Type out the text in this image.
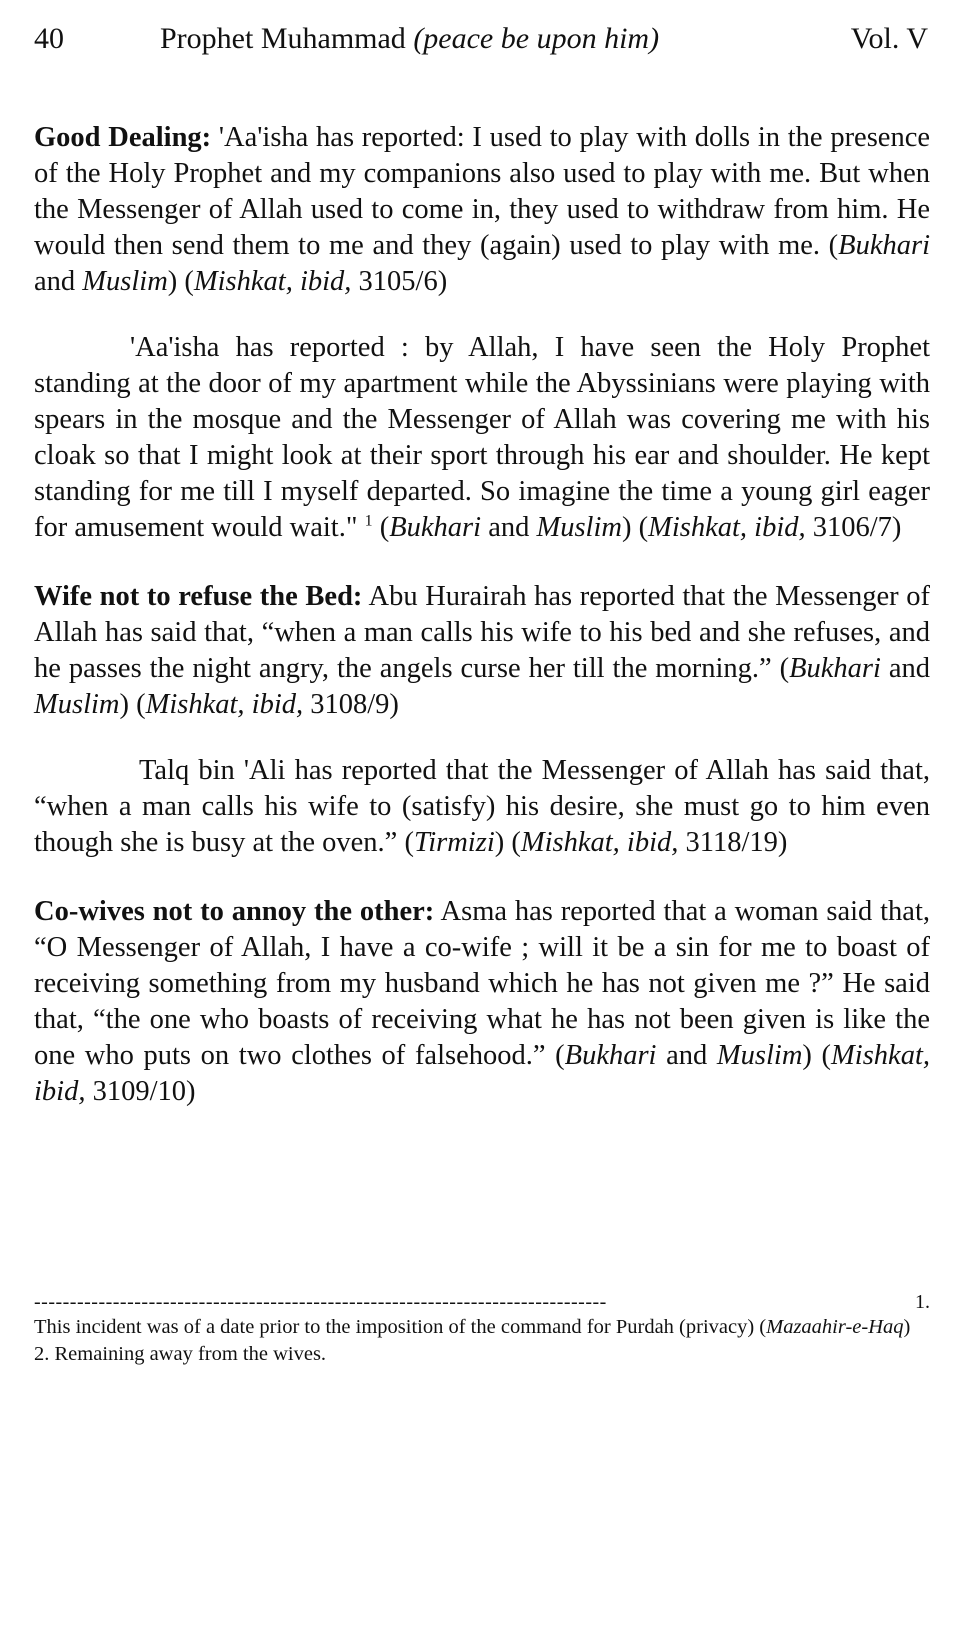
40	Prophet Muhammad (peace be upon him)	Vol. V

Good Dealing: 'Aa'isha has reported: I used to play with dolls in the presence of the Holy Prophet and my companions also used to play with me. But when the Messenger of Allah used to come in, they used to withdraw from him. He would then send them to me and they (again) used to play with me. (Bukhari and Muslim) (Mishkat, ibid, 3105/6)

'Aa'isha has reported : by Allah, I have seen the Holy Prophet standing at the door of my apartment while the Abyssinians were playing with spears in the mosque and the Messenger of Allah was covering me with his cloak so that I might look at their sport through his ear and shoulder. He kept standing for me till I myself departed. So imagine the time a young girl eager for amusement would wait." $^1$ (Bukhari and Muslim) (Mishkat, ibid, 3106/7)

Wife not to refuse the Bed: Abu Hurairah has reported that the Messenger of Allah has said that, “when a man calls his wife to his bed and she refuses, and he passes the night angry, the angels curse her till the morning.” (Bukhari and Muslim) (Mishkat, ibid, 3108/9)

Talq bin 'Ali has reported that the Messenger of Allah has said that, “when a man calls his wife to (satisfy) his desire, she must go to him even though she is busy at the oven.” (Tirmizi) (Mishkat, ibid, 3118/19)

Co-wives not to annoy the other: Asma has reported that a woman said that, “O Messenger of Allah, I have a co-wife ; will it be a sin for me to boast of receiving something from my husband which he has not given me ?” He said that, “the one who boasts of receiving what he has not been given is like the one who puts on two clothes of falsehood.” (Bukhari and Muslim) (Mishkat, ibid, 3109/10)

--------------------------------------------------------------------------------	1.

This incident was of a date prior to the imposition of the command for Purdah (privacy) (Mazaahir-e-Haq)

2. Remaining away from the wives.
